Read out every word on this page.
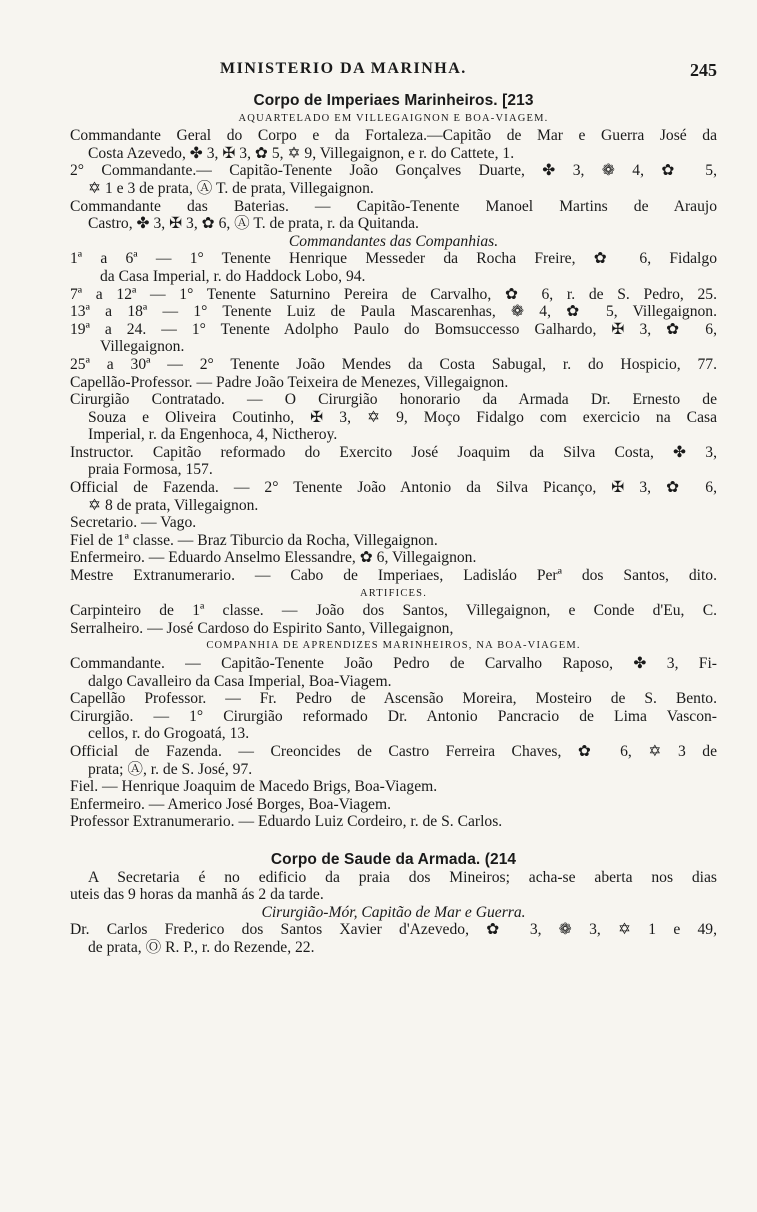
MINISTERIO DA MARINHA.	245
Corpo de Imperiaes Marinheiros. [213
AQUARTELADO EM VILLEGAIGNON E BOA-VIAGEM.
Commandante Geral do Corpo e da Fortaleza.—Capitão de Mar e Guerra José da
Costa Azevedo, ✤ 3, ✠ 3, ✿ 5, ✡ 9, Villegaignon, e r. do Cattete, 1.
2° Commandante.— Capitão-Tenente João Gonçalves Duarte, ✤ 3, ❁ 4, ✿ 5,
✡ 1 e 3 de prata, Ⓐ T. de prata, Villegaignon.
Commandante das Baterias. — Capitão-Tenente Manoel Martins de Araujo
Castro, ✤ 3, ✠ 3, ✿ 6, Ⓐ T. de prata, r. da Quitanda.
Commandantes das Companhias.
1ª a 6ª — 1° Tenente Henrique Messeder da Rocha Freire, ✿ 6, Fidalgo
da Casa Imperial, r. do Haddock Lobo, 94.
7ª a 12ª — 1° Tenente Saturnino Pereira de Carvalho, ✿ 6, r. de S. Pedro, 25.
13ª a 18ª — 1° Tenente Luiz de Paula Mascarenhas, ❁ 4, ✿ 5, Villegaignon.
19ª a 24. — 1° Tenente Adolpho Paulo do Bomsuccesso Galhardo, ✠ 3, ✿ 6,
Villegaignon.
25ª a 30ª — 2° Tenente João Mendes da Costa Sabugal, r. do Hospicio, 77.
Capellão-Professor. — Padre João Teixeira de Menezes, Villegaignon.
Cirurgião Contratado. — O Cirurgião honorario da Armada Dr. Ernesto de
Souza e Oliveira Coutinho, ✠ 3, ✡ 9, Moço Fidalgo com exercicio na Casa
Imperial, r. da Engenhoca, 4, Nictheroy.
Instructor. Capitão reformado do Exercito José Joaquim da Silva Costa, ✤ 3,
praia Formosa, 157.
Official de Fazenda. — 2° Tenente João Antonio da Silva Picanço, ✠ 3, ✿ 6,
✡ 8 de prata, Villegaignon.
Secretario. — Vago.
Fiel de 1ª classe. — Braz Tiburcio da Rocha, Villegaignon.
Enfermeiro. — Eduardo Anselmo Elessandre, ✿ 6, Villegaignon.
Mestre Extranumerario. — Cabo de Imperiaes, Ladisláo Perª dos Santos, dito.
ARTIFICES.
Carpinteiro de 1ª classe. — João dos Santos, Villegaignon, e Conde d'Eu, C.
Serralheiro. — José Cardoso do Espirito Santo, Villegaignon,
COMPANHIA DE APRENDIZES MARINHEIROS, NA BOA-VIAGEM.
Commandante. — Capitão-Tenente João Pedro de Carvalho Raposo, ✤ 3, Fi-
dalgo Cavalleiro da Casa Imperial, Boa-Viagem.
Capellão Professor. — Fr. Pedro de Ascensão Moreira, Mosteiro de S. Bento.
Cirurgião. — 1° Cirurgião reformado Dr. Antonio Pancracio de Lima Vascon-
cellos, r. do Grogoatá, 13.
Official de Fazenda. — Creoncides de Castro Ferreira Chaves, ✿ 6, ✡ 3 de
prata; Ⓐ, r. de S. José, 97.
Fiel. — Henrique Joaquim de Macedo Brigs, Boa-Viagem.
Enfermeiro. — Americo José Borges, Boa-Viagem.
Professor Extranumerario. — Eduardo Luiz Cordeiro, r. de S. Carlos.
Corpo de Saude da Armada. (214
A Secretaria é no edificio da praia dos Mineiros; acha-se aberta nos dias
uteis das 9 horas da manhã ás 2 da tarde.
Cirurgião-Mór, Capitão de Mar e Guerra.
Dr. Carlos Frederico dos Santos Xavier d'Azevedo, ✿ 3, ❁ 3, ✡ 1 e 49,
de prata, Ⓞ R. P., r. do Rezende, 22.
